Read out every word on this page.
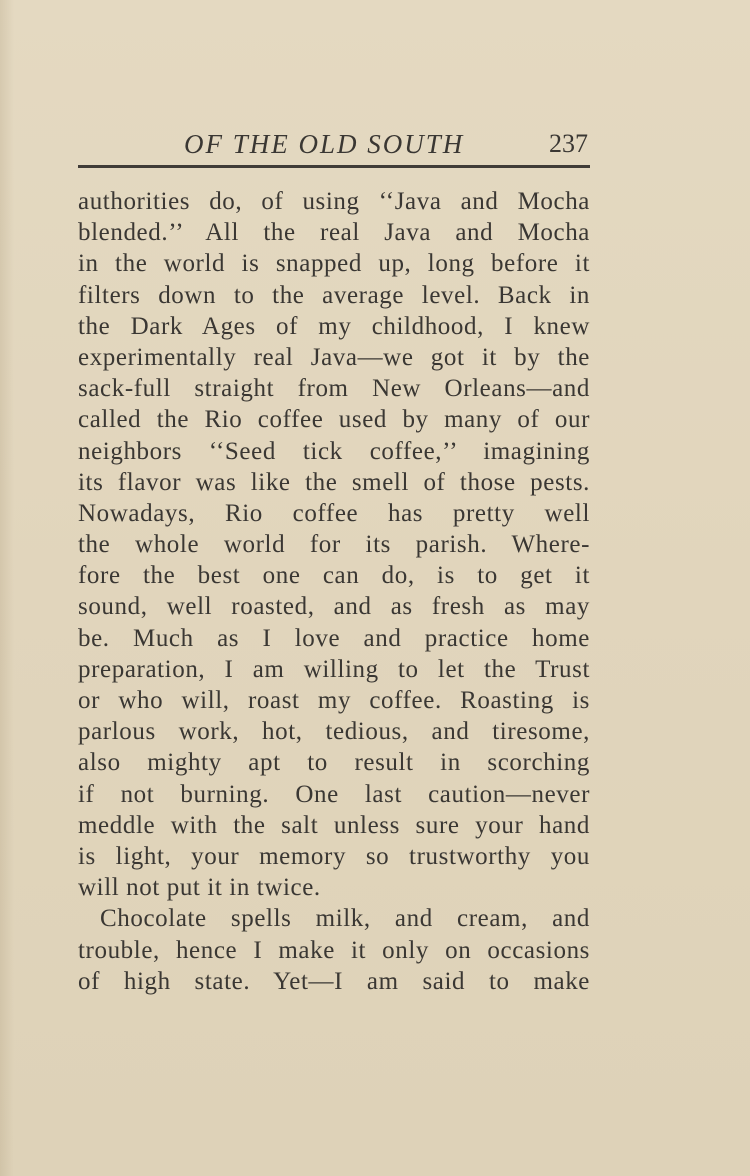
OF THE OLD SOUTH	237
authorities do, of using ‘‘Java and Mocha
blended.’’ All the real Java and Mocha
in the world is snapped up, long before it
filters down to the average level. Back in
the Dark Ages of my childhood, I knew
experimentally real Java—we got it by the
sack-full straight from New Orleans—and
called the Rio coffee used by many of our
neighbors ‘‘Seed tick coffee,’’ imagining
its flavor was like the smell of those pests.
Nowadays, Rio coffee has pretty well
the whole world for its parish. Where-
fore the best one can do, is to get it
sound, well roasted, and as fresh as may
be. Much as I love and practice home
preparation, I am willing to let the Trust
or who will, roast my coffee. Roasting is
parlous work, hot, tedious, and tiresome,
also mighty apt to result in scorching
if not burning. One last caution—never
meddle with the salt unless sure your hand
is light, your memory so trustworthy you
will not put it in twice.
Chocolate spells milk, and cream, and
trouble, hence I make it only on occasions
of high state. Yet—I am said to make
